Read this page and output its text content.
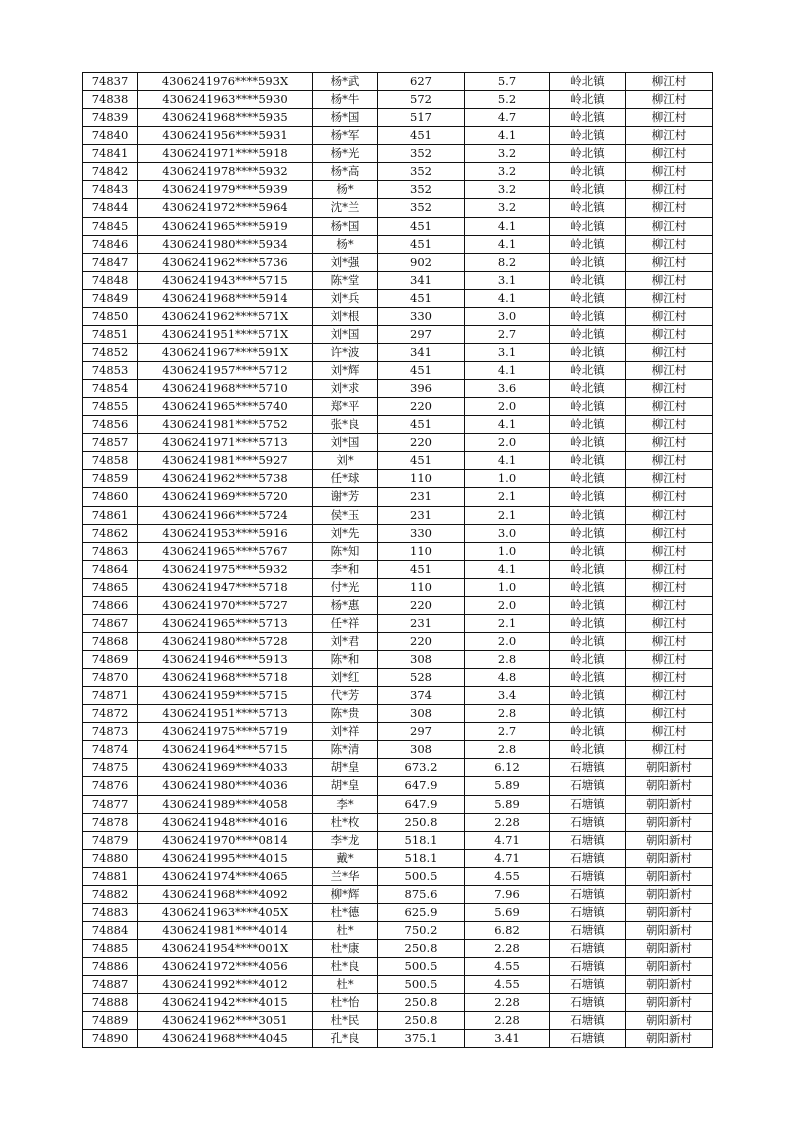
74837	4306241976****593X	杨*武	627	5.7	岭北镇	柳江村
74838	4306241963****5930	杨*牛	572	5.2	岭北镇	柳江村
74839	4306241968****5935	杨*国	517	4.7	岭北镇	柳江村
74840	4306241956****5931	杨*军	451	4.1	岭北镇	柳江村
74841	4306241971****5918	杨*光	352	3.2	岭北镇	柳江村
74842	4306241978****5932	杨*高	352	3.2	岭北镇	柳江村
74843	4306241979****5939	杨*	352	3.2	岭北镇	柳江村
74844	4306241972****5964	沈*兰	352	3.2	岭北镇	柳江村
74845	4306241965****5919	杨*国	451	4.1	岭北镇	柳江村
74846	4306241980****5934	杨*	451	4.1	岭北镇	柳江村
74847	4306241962****5736	刘*强	902	8.2	岭北镇	柳江村
74848	4306241943****5715	陈*堂	341	3.1	岭北镇	柳江村
74849	4306241968****5914	刘*兵	451	4.1	岭北镇	柳江村
74850	4306241962****571X	刘*根	330	3.0	岭北镇	柳江村
74851	4306241951****571X	刘*国	297	2.7	岭北镇	柳江村
74852	4306241967****591X	许*波	341	3.1	岭北镇	柳江村
74853	4306241957****5712	刘*辉	451	4.1	岭北镇	柳江村
74854	4306241968****5710	刘*求	396	3.6	岭北镇	柳江村
74855	4306241965****5740	郑*平	220	2.0	岭北镇	柳江村
74856	4306241981****5752	张*良	451	4.1	岭北镇	柳江村
74857	4306241971****5713	刘*国	220	2.0	岭北镇	柳江村
74858	4306241981****5927	刘*	451	4.1	岭北镇	柳江村
74859	4306241962****5738	任*球	110	1.0	岭北镇	柳江村
74860	4306241969****5720	谢*芳	231	2.1	岭北镇	柳江村
74861	4306241966****5724	侯*玉	231	2.1	岭北镇	柳江村
74862	4306241953****5916	刘*先	330	3.0	岭北镇	柳江村
74863	4306241965****5767	陈*知	110	1.0	岭北镇	柳江村
74864	4306241975****5932	李*和	451	4.1	岭北镇	柳江村
74865	4306241947****5718	付*光	110	1.0	岭北镇	柳江村
74866	4306241970****5727	杨*惠	220	2.0	岭北镇	柳江村
74867	4306241965****5713	任*祥	231	2.1	岭北镇	柳江村
74868	4306241980****5728	刘*君	220	2.0	岭北镇	柳江村
74869	4306241946****5913	陈*和	308	2.8	岭北镇	柳江村
74870	4306241968****5718	刘*红	528	4.8	岭北镇	柳江村
74871	4306241959****5715	代*芳	374	3.4	岭北镇	柳江村
74872	4306241951****5713	陈*贵	308	2.8	岭北镇	柳江村
74873	4306241975****5719	刘*祥	297	2.7	岭北镇	柳江村
74874	4306241964****5715	陈*清	308	2.8	岭北镇	柳江村
74875	4306241969****4033	胡*皇	673.2	6.12	石塘镇	朝阳新村
74876	4306241980****4036	胡*皇	647.9	5.89	石塘镇	朝阳新村
74877	4306241989****4058	李*	647.9	5.89	石塘镇	朝阳新村
74878	4306241948****4016	杜*枚	250.8	2.28	石塘镇	朝阳新村
74879	4306241970****0814	李*龙	518.1	4.71	石塘镇	朝阳新村
74880	4306241995****4015	戴*	518.1	4.71	石塘镇	朝阳新村
74881	4306241974****4065	兰*华	500.5	4.55	石塘镇	朝阳新村
74882	4306241968****4092	柳*辉	875.6	7.96	石塘镇	朝阳新村
74883	4306241963****405X	杜*德	625.9	5.69	石塘镇	朝阳新村
74884	4306241981****4014	杜*	750.2	6.82	石塘镇	朝阳新村
74885	4306241954****001X	杜*康	250.8	2.28	石塘镇	朝阳新村
74886	4306241972****4056	杜*良	500.5	4.55	石塘镇	朝阳新村
74887	4306241992****4012	杜*	500.5	4.55	石塘镇	朝阳新村
74888	4306241942****4015	杜*怡	250.8	2.28	石塘镇	朝阳新村
74889	4306241962****3051	杜*民	250.8	2.28	石塘镇	朝阳新村
74890	4306241968****4045	孔*良	375.1	3.41	石塘镇	朝阳新村
